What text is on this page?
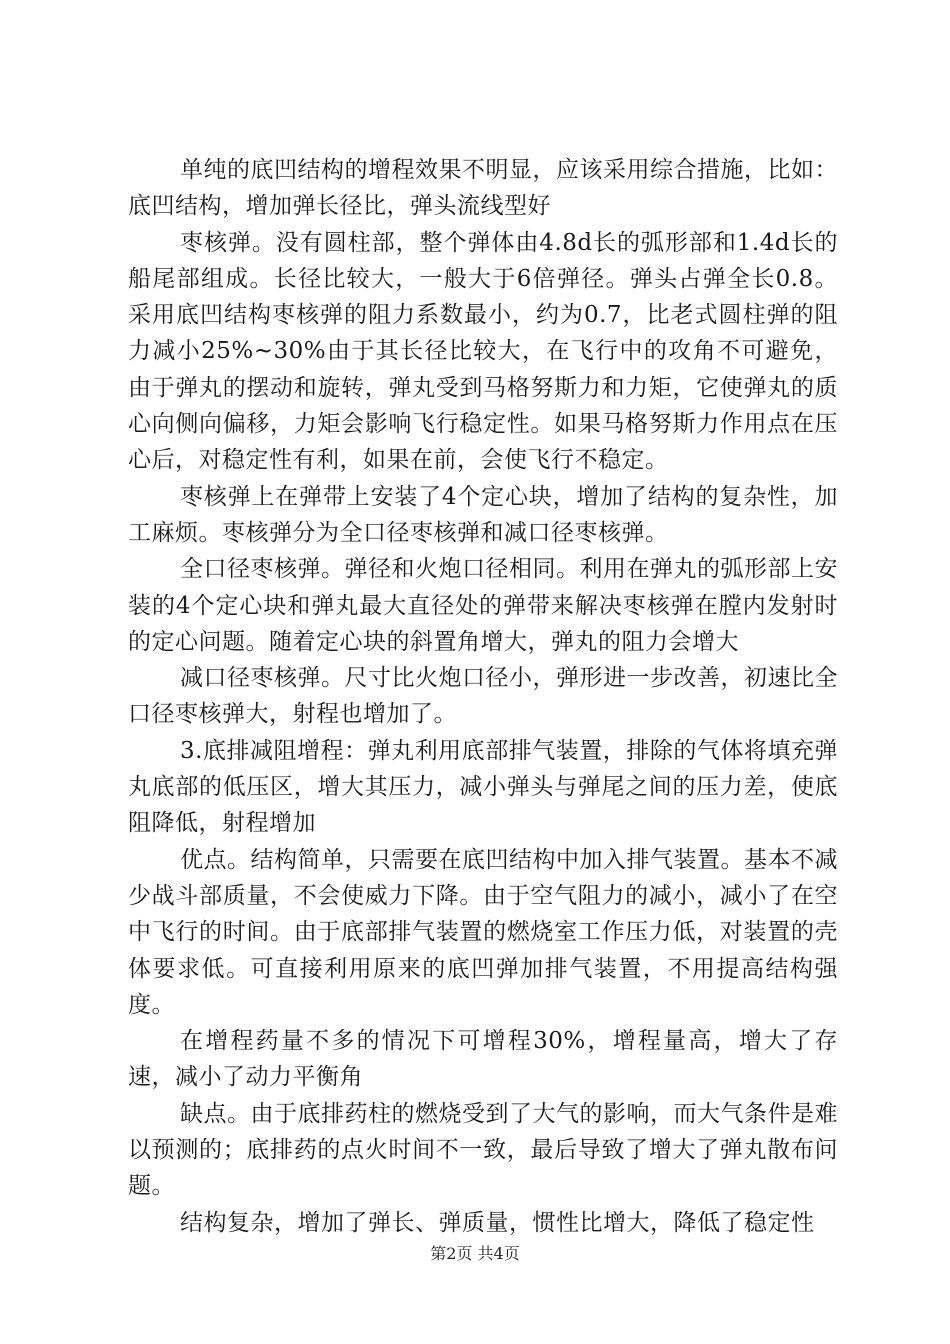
单纯的底凹结构的增程效果不明显，应该采用综合措施，比如：底凹结构，增加弹长径比，弹头流线型好

枣核弹。没有圆柱部，整个弹体由4.8d长的弧形部和1.4d长的船尾部组成。长径比较大，一般大于6倍弹径。弹头占弹全长0.8。采用底凹结构枣核弹的阻力系数最小，约为0.7，比老式圆柱弹的阻力减小25%~30%由于其长径比较大，在飞行中的攻角不可避免，由于弹丸的摆动和旋转，弹丸受到马格努斯力和力矩，它使弹丸的质心向侧向偏移，力矩会影响飞行稳定性。如果马格努斯力作用点在压心后，对稳定性有利，如果在前，会使飞行不稳定。

枣核弹上在弹带上安装了4个定心块，增加了结构的复杂性，加工麻烦。枣核弹分为全口径枣核弹和减口径枣核弹。

全口径枣核弹。弹径和火炮口径相同。利用在弹丸的弧形部上安装的4个定心块和弹丸最大直径处的弹带来解决枣核弹在膛内发射时的定心问题。随着定心块的斜置角增大，弹丸的阻力会增大

减口径枣核弹。尺寸比火炮口径小，弹形进一步改善，初速比全口径枣核弹大，射程也增加了。

3.底排减阻增程：弹丸利用底部排气装置，排除的气体将填充弹丸底部的低压区，增大其压力，减小弹头与弹尾之间的压力差，使底阻降低，射程增加

优点。结构简单，只需要在底凹结构中加入排气装置。基本不减少战斗部质量，不会使威力下降。由于空气阻力的减小，减小了在空中飞行的时间。由于底部排气装置的燃烧室工作压力低，对装置的壳体要求低。可直接利用原来的底凹弹加排气装置，不用提高结构强度。

在增程药量不多的情况下可增程30%，增程量高，增大了存速，减小了动力平衡角

缺点。由于底排药柱的燃烧受到了大气的影响，而大气条件是难以预测的；底排药的点火时间不一致，最后导致了增大了弹丸散布问题。

结构复杂，增加了弹长、弹质量，惯性比增大，降低了稳定性

第2页 共4页
